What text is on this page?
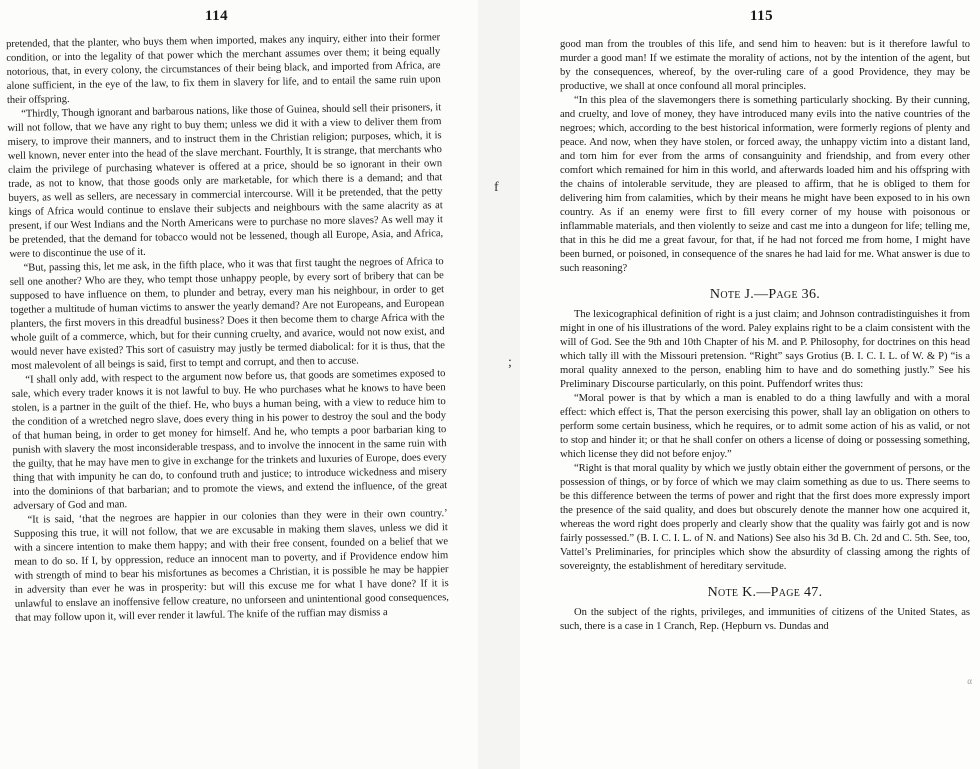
114

pretended, that the planter, who buys them when imported, makes any inquiry, either into their former condition, or into the legality of that power which the merchant assumes over them; it being equally notorious, that, in every colony, the circumstances of their being black, and imported from Africa, are alone sufficient, in the eye of the law, to fix them in slavery for life, and to entail the same ruin upon their offspring.

“Thirdly, Though ignorant and barbarous nations, like those of Guinea, should sell their prisoners, it will not follow, that we have any right to buy them; unless we did it with a view to deliver them from misery, to improve their manners, and to instruct them in the Christian religion; purposes, which, it is well known, never enter into the head of the slave merchant. Fourthly, It is strange, that merchants who claim the privilege of purchasing whatever is offered at a price, should be so ignorant in their own trade, as not to know, that those goods only are marketable, for which there is a demand; and that buyers, as well as sellers, are necessary in commercial intercourse. Will it be pretended, that the petty kings of Africa would continue to enslave their subjects and neighbours with the same alacrity as at present, if our West Indians and the North Americans were to purchase no more slaves? As well may it be pretended, that the demand for tobacco would not be lessened, though all Europe, Asia, and Africa, were to discontinue the use of it.

“But, passing this, let me ask, in the fifth place, who it was that first taught the negroes of Africa to sell one another? Who are they, who tempt those unhappy people, by every sort of bribery that can be supposed to have influence on them, to plunder and betray, every man his neighbour, in order to get together a multitude of human victims to answer the yearly demand? Are not Europeans, and European planters, the first movers in this dreadful business? Does it then become them to charge Africa with the whole guilt of a commerce, which, but for their cunning cruelty, and avarice, would not now exist, and would never have existed? This sort of casuistry may justly be termed diabolical: for it is thus, that the most malevolent of all beings is said, first to tempt and corrupt, and then to accuse.

“I shall only add, with respect to the argument now before us, that goods are sometimes exposed to sale, which every trader knows it is not lawful to buy. He who purchases what he knows to have been stolen, is a partner in the guilt of the thief. He, who buys a human being, with a view to reduce him to the condition of a wretched negro slave, does every thing in his power to destroy the soul and the body of that human being, in order to get money for himself. And he, who tempts a poor barbarian king to punish with slavery the most inconsiderable trespass, and to involve the innocent in the same ruin with the guilty, that he may have men to give in exchange for the trinkets and luxuries of Europe, does every thing that with impunity he can do, to confound truth and justice; to introduce wickedness and misery into the dominions of that barbarian; and to promote the views, and extend the influence, of the great adversary of God and man.

“It is said, ‘that the negroes are happier in our colonies than they were in their own country.’ Supposing this true, it will not follow, that we are excusable in making them slaves, unless we did it with a sincere intention to make them happy; and with their free consent, founded on a belief that we mean to do so. If I, by oppression, reduce an innocent man to poverty, and if Providence endow him with strength of mind to bear his misfortunes as becomes a Christian, it is possible he may be happier in adversity than ever he was in prosperity: but will this excuse me for what I have done? If it is unlawful to enslave an inoffensive fellow creature, no unforseen and unintentional good consequences, that may follow upon it, will ever render it lawful. The knife of the ruffian may dismiss a

f
;
115

good man from the troubles of this life, and send him to heaven: but is it therefore lawful to murder a good man! If we estimate the morality of actions, not by the intention of the agent, but by the consequences, whereof, by the over-ruling care of a good Providence, they may be productive, we shall at once confound all moral principles.

“In this plea of the slavemongers there is something particularly shocking. By their cunning, and cruelty, and love of money, they have introduced many evils into the native countries of the negroes; which, according to the best historical information, were formerly regions of plenty and peace. And now, when they have stolen, or forced away, the unhappy victim into a distant land, and torn him for ever from the arms of consanguinity and friendship, and from every other comfort which remained for him in this world, and afterwards loaded him and his offspring with the chains of intolerable servitude, they are pleased to affirm, that he is obliged to them for delivering him from calamities, which by their means he might have been exposed to in his own country. As if an enemy were first to fill every corner of my house with poisonous or inflammable materials, and then violently to seize and cast me into a dungeon for life; telling me, that in this he did me a great favour, for that, if he had not forced me from home, I might have been burned, or poisoned, in consequence of the snares he had laid for me. What answer is due to such reasoning?

Note J.—Page 36.

The lexicographical definition of right is a just claim; and Johnson contradistinguishes it from might in one of his illustrations of the word. Paley explains right to be a claim consistent with the will of God. See the 9th and 10th Chapter of his M. and P. Philosophy, for doctrines on this head which tally ill with the Missouri pretension. “Right” says Grotius (B. I. C. I. L. of W. & P) “is a moral quality annexed to the person, enabling him to have and do something justly.” See his Preliminary Discourse particularly, on this point. Puffendorf writes thus:

“Moral power is that by which a man is enabled to do a thing lawfully and with a moral effect: which effect is, That the person exercising this power, shall lay an obligation on others to perform some certain business, which he requires, or to admit some action of his as valid, or not to stop and hinder it; or that he shall confer on others a license of doing or possessing something, which license they did not before enjoy.”

“Right is that moral quality by which we justly obtain either the government of persons, or the possession of things, or by force of which we may claim something as due to us. There seems to be this difference between the terms of power and right that the first does more expressly import the presence of the said quality, and does but obscurely denote the manner how one acquired it, whereas the word right does properly and clearly show that the quality was fairly got and is now fairly possessed.” (B. I. C. I. L. of N. and Nations) See also his 3d B. Ch. 2d and C. 5th. See, too, Vattel’s Preliminaries, for principles which show the absurdity of classing among the rights of sovereignty, the establishment of hereditary servitude.

Note K.—Page 47.

On the subject of the rights, privileges, and immunities of citizens of the United States, as such, there is a case in 1 Cranch, Rep. (Hepburn vs. Dundas and

α
